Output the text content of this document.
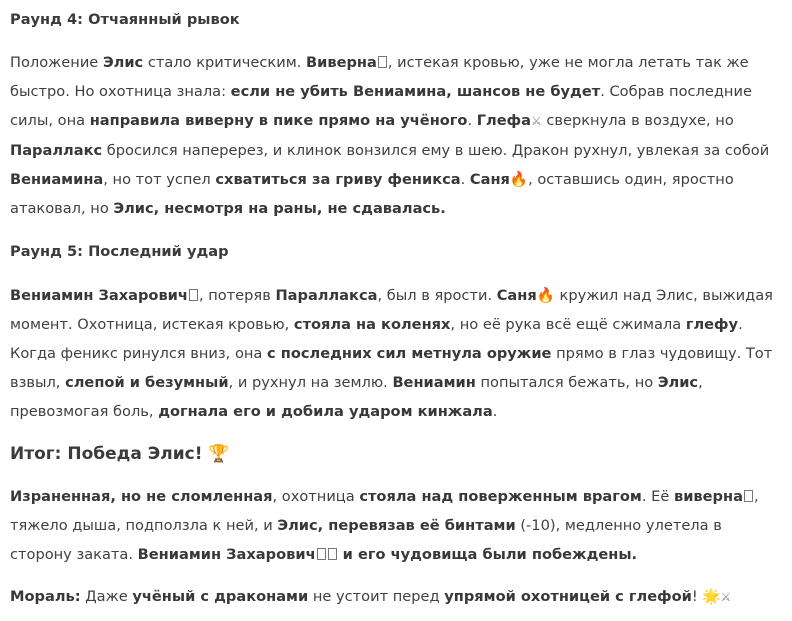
Раунд 4: Отчаянный рывок
Положение Элис стало критическим. Виверна , истекая кровью, уже не могла летать так же быстро. Но охотница знала: если не убить Вениамина, шансов не будет. Собрав последние силы, она направила виверну в пике прямо на учёного. Глефа⚔ сверкнула в воздухе, но Параллакс бросился наперерез, и клинок вонзился ему в шею. Дракон рухнул, увлекая за собой Вениамина, но тот успел схватиться за гриву феникса. Саня🔥, оставшись один, яростно атаковал, но Элис, несмотря на раны, не сдавалась.
Раунд 5: Последний удар
Вениамин Захарович , потеряв Параллакса, был в ярости. Саня🔥 кружил над Элис, выжидая момент. Охотница, истекая кровью, стояла на коленях, но её рука всё ещё сжимала глефу. Когда феникс ринулся вниз, она с последних сил метнула оружие прямо в глаз чудовищу. Тот взвыл, слепой и безумный, и рухнул на землю. Вениамин попытался бежать, но Элис, превозмогая боль, догнала его и добила ударом кинжала.
Итог: Победа Элис! 🏆
Израненная, но не сломленная, охотница стояла над поверженным врагом. Её виверна , тяжело дыша, подползла к ней, и Элис, перевязав её бинтами (-10), медленно улетела в сторону заката. Вениамин Захарович и его чудовища были побеждены.
Мораль: Даже учёный с драконами не устоит перед упрямой охотницей с глефой! 🌟⚔
